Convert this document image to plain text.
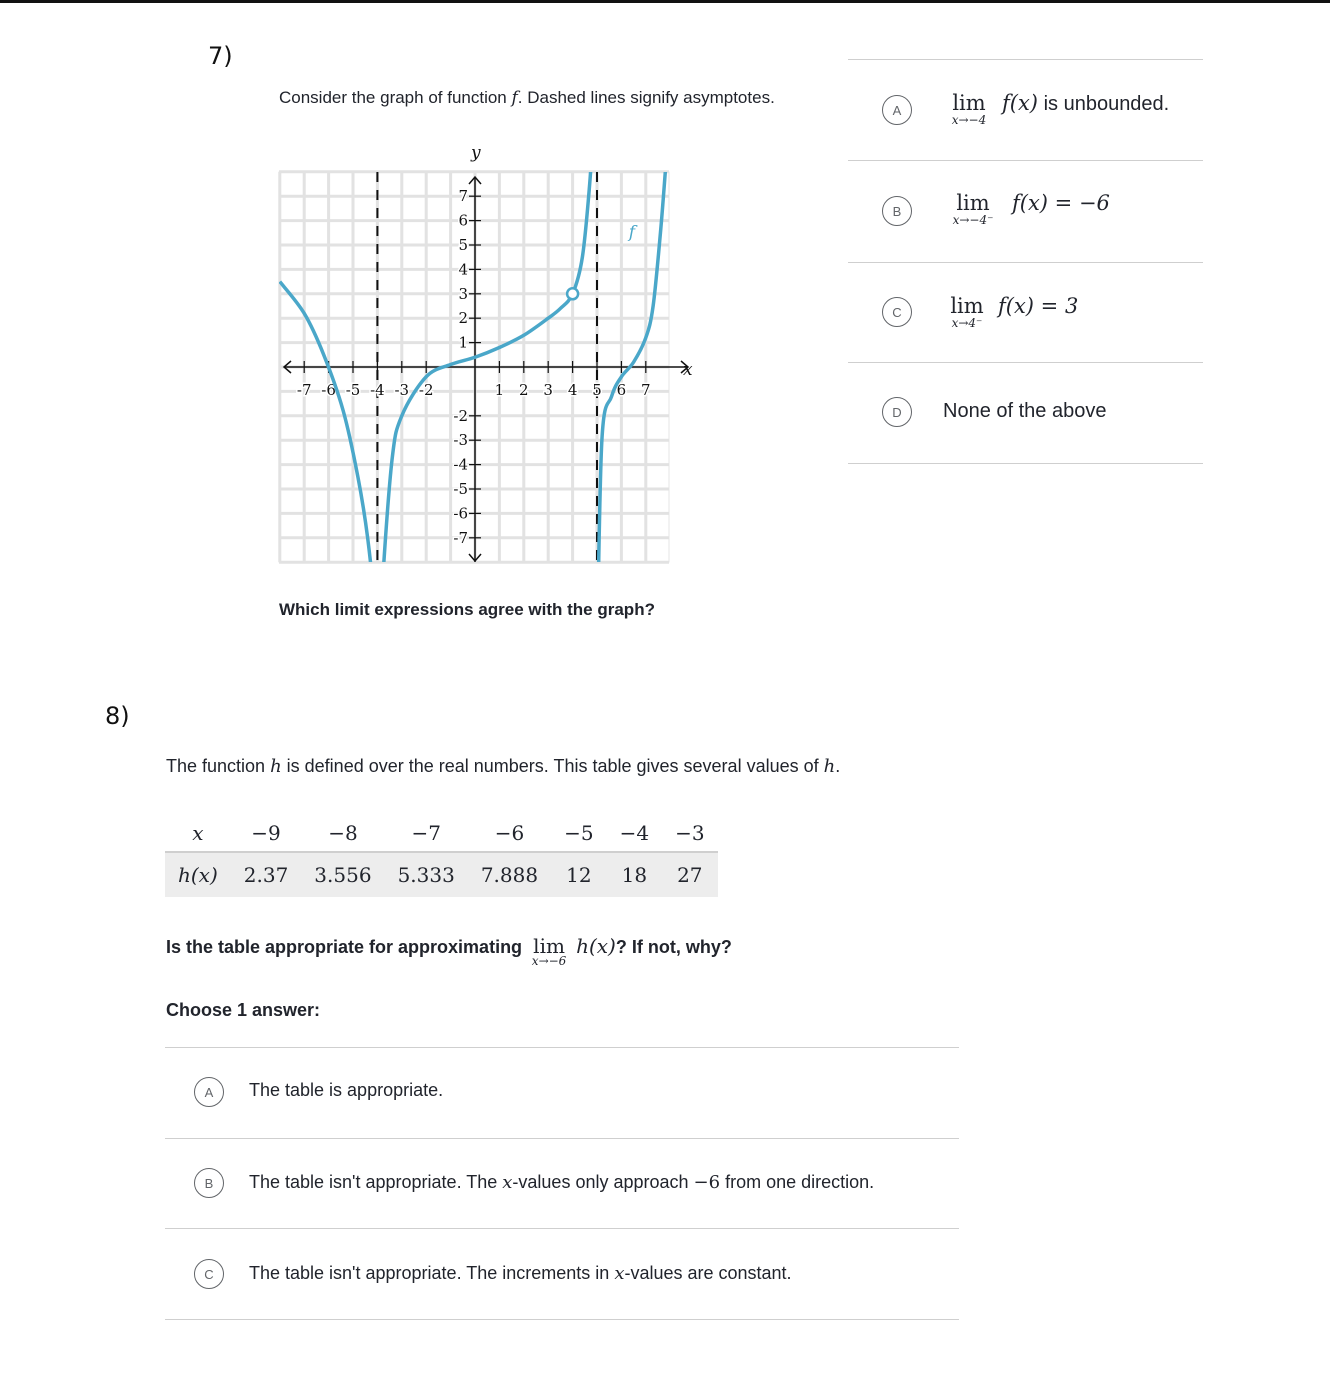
7)
Consider the graph of function f. Dashed lines signify asymptotes.
-7 -6 -5 -4 -3 -2	1 2 3 4 5 6 7
7
6
5
4
3
2
1
-2
-3
-4
-5
-6
-7
f
x
y
Which limit expressions agree with the graph?
A	lim
x→−4
f(x) is unbounded.
B	lim
x→−4⁻
f(x) = −6
C	lim
x→4⁻
f(x) = 3
D	None of the above
8)
The function h is defined over the real numbers. This table gives several values of h.
x	−9	−8	−7	−6	−5	−4	−3
h(x)	2.37	3.556	5.333	7.888	12	18	27
Is the table appropriate for approximating lim
x→−6
h(x)? If not, why?
Choose 1 answer:
A	The table is appropriate.
B	The table isn't appropriate. The x-values only approach −6 from one direction.
C	The table isn't appropriate. The increments in x-values are constant.
